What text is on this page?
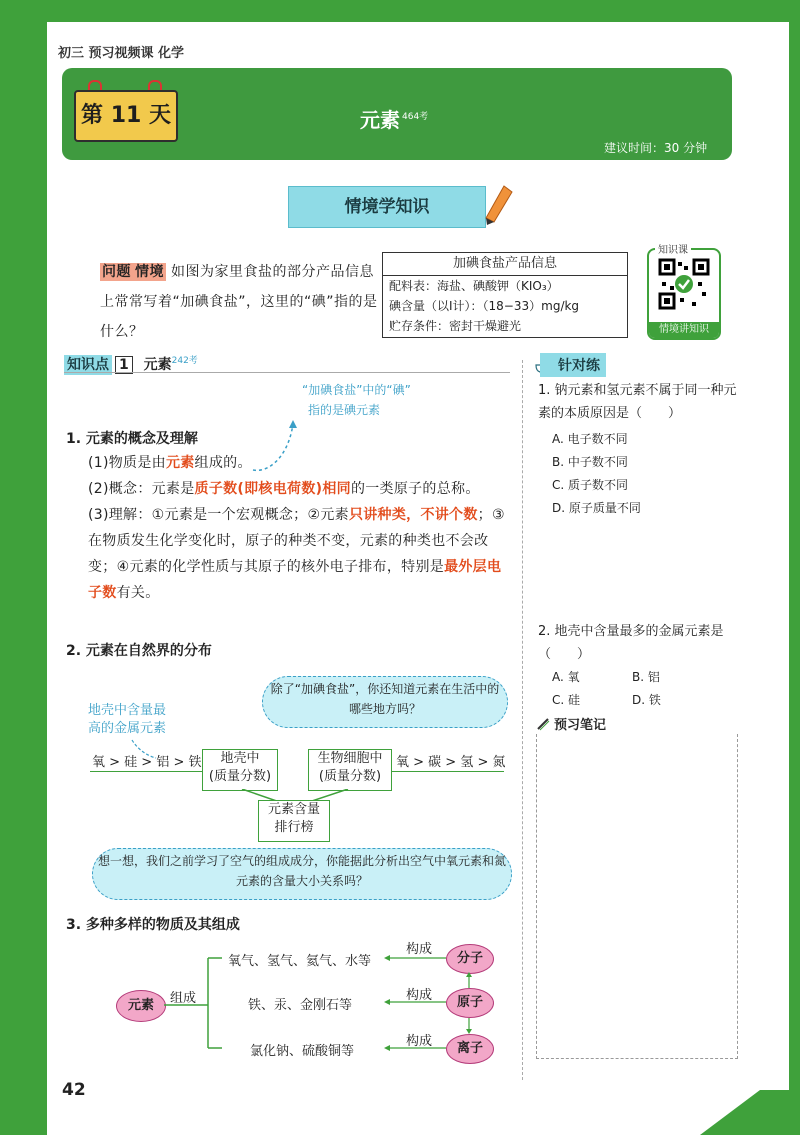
初三 预习视频课 化学
第 11 天	元素 $^{464考}$
建议时间：30 分钟
情境学知识
问题 情境 如图为家里食盐的部分产品信息上常常写着“加碘食盐”，这里的“碘”指的是什么？
加碘食盐产品信息
配料表：海盐、碘酸钾（KIO₃）
碘含量（以I计）：（18−33）mg/kg
贮存条件：密封干燥避光
知识课
情境讲知识
知识点 1 元素$^{242考}$
“加碘食盐”中的“碘”
指的是碘元素
1. 元素的概念及理解
(1)物质是由元素组成的。
(2)概念：元素是质子数(即核电荷数)相同的一类原子的总称。
(3)理解：①元素是一个宏观概念；②元素只讲种类，不讲个数；③在物质发生化学变化时，原子的种类不变，元素的种类也不会改变；④元素的化学性质与其原子的核外电子排布，特别是最外层电子数有关。
2. 元素在自然界的分布
除了“加碘食盐”，你还知道元素在生活中的哪些地方吗？
地壳中含量最
高的金属元素
氧 > 硅 > 铝 > 铁	地壳中
(质量分数)
生物细胞中
(质量分数)
氧 > 碳 > 氢 > 氮
元素含量
排行榜
想一想，我们之前学习了空气的组成成分，你能据此分析出空气中氧元素和氮元素的含量大小关系吗？
3. 多种多样的物质及其组成
元素	组成
氧气、氢气、氦气、水等
铁、汞、金刚石等
氯化钠、硫酸铜等
构成
构成
构成
分子
原子
离子
针对练
1. 钠元素和氢元素不属于同一种元素的本质原因是（　　）
A. 电子数不同
B. 中子数不同
C. 质子数不同
D. 原子质量不同
2. 地壳中含量最多的金属元素是　　　　　（　　）
A. 氧	B. 铝
C. 硅	D. 铁
预习笔记
42
